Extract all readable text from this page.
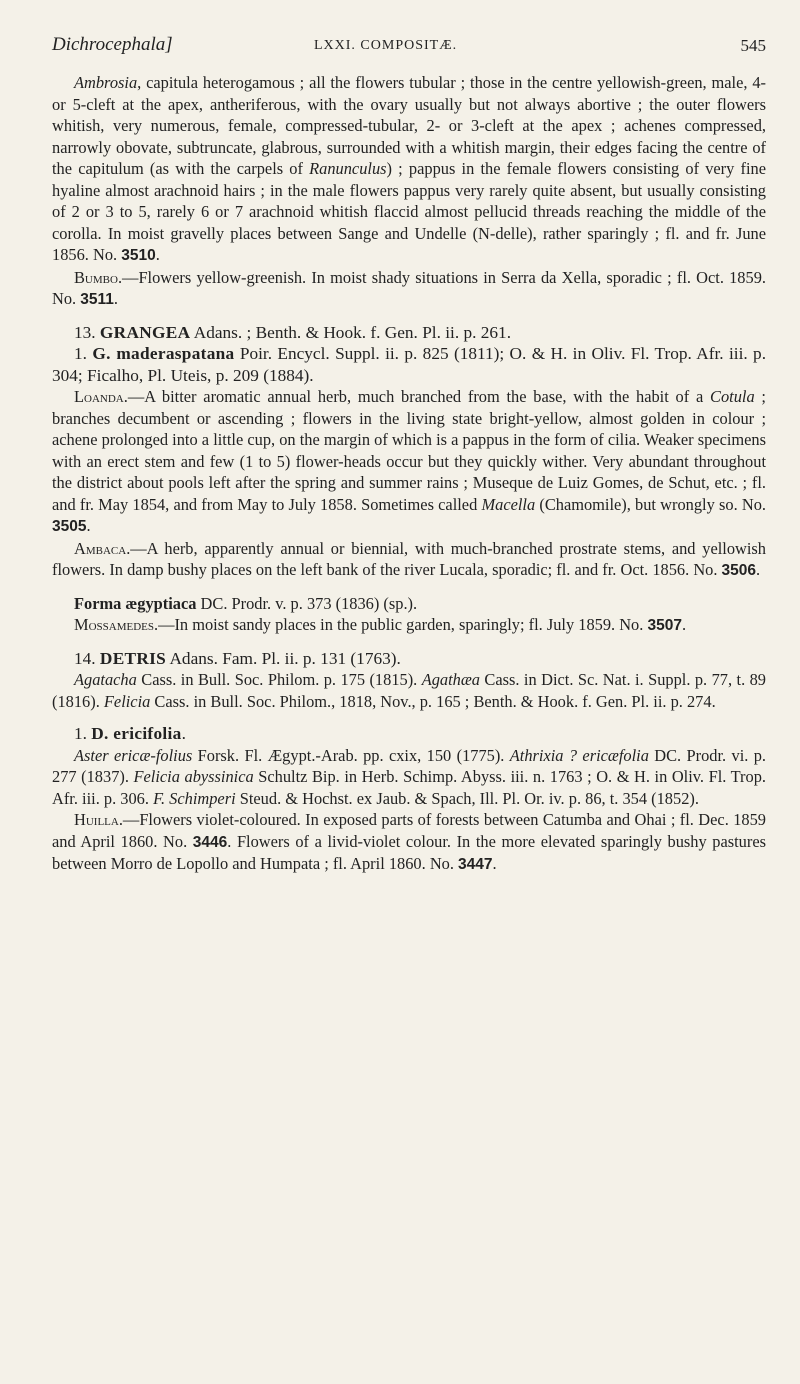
Dichrocephala]	LXXI. COMPOSITÆ.	545

Ambrosia, capitula heterogamous ; all the flowers tubular ; those in the centre yellowish-green, male, 4- or 5-cleft at the apex, antheriferous, with the ovary usually but not always abortive ; the outer flowers whitish, very numerous, female, compressed-tubular, 2- or 3-cleft at the apex ; achenes compressed, narrowly obovate, subtruncate, glabrous, surrounded with a whitish margin, their edges facing the centre of the capitulum (as with the carpels of Ranunculus) ; pappus in the female flowers consisting of very fine hyaline almost arachnoid hairs ; in the male flowers pappus very rarely quite absent, but usually consisting of 2 or 3 to 5, rarely 6 or 7 arachnoid whitish flaccid almost pellucid threads reaching the middle of the corolla. In moist gravelly places between Sange and Undelle (N-delle), rather sparingly ; fl. and fr. June 1856. No. 3510.

Bumbo.—Flowers yellow-greenish. In moist shady situations in Serra da Xella, sporadic ; fl. Oct. 1859. No. 3511.

13. GRANGEA Adans. ; Benth. & Hook. f. Gen. Pl. ii. p. 261.

1. G. maderaspatana Poir. Encycl. Suppl. ii. p. 825 (1811); O. & H. in Oliv. Fl. Trop. Afr. iii. p. 304; Ficalho, Pl. Uteis, p. 209 (1884).

Loanda.—A bitter aromatic annual herb, much branched from the base, with the habit of a Cotula ; branches decumbent or ascending ; flowers in the living state bright-yellow, almost golden in colour ; achene prolonged into a little cup, on the margin of which is a pappus in the form of cilia. Weaker specimens with an erect stem and few (1 to 5) flower-heads occur but they quickly wither. Very abundant throughout the district about pools left after the spring and summer rains ; Museque de Luiz Gomes, de Schut, etc. ; fl. and fr. May 1854, and from May to July 1858. Sometimes called Macella (Chamomile), but wrongly so. No. 3505.

Ambaca.—A herb, apparently annual or biennial, with much-branched prostrate stems, and yellowish flowers. In damp bushy places on the left bank of the river Lucala, sporadic; fl. and fr. Oct. 1856. No. 3506.

Forma ægyptiaca DC. Prodr. v. p. 373 (1836) (sp.).

Mossamedes.—In moist sandy places in the public garden, sparingly; fl. July 1859. No. 3507.

14. DETRIS Adans. Fam. Pl. ii. p. 131 (1763).

Agatacha Cass. in Bull. Soc. Philom. p. 175 (1815). Agathæa Cass. in Dict. Sc. Nat. i. Suppl. p. 77, t. 89 (1816). Felicia Cass. in Bull. Soc. Philom., 1818, Nov., p. 165 ; Benth. & Hook. f. Gen. Pl. ii. p. 274.

1. D. ericifolia.

Aster ericæ-folius Forsk. Fl. Ægypt.-Arab. pp. cxix, 150 (1775). Athrixia ? ericæfolia DC. Prodr. vi. p. 277 (1837). Felicia abyssinica Schultz Bip. in Herb. Schimp. Abyss. iii. n. 1763 ; O. & H. in Oliv. Fl. Trop. Afr. iii. p. 306. F. Schimperi Steud. & Hochst. ex Jaub. & Spach, Ill. Pl. Or. iv. p. 86, t. 354 (1852).

Huilla.—Flowers violet-coloured. In exposed parts of forests between Catumba and Ohai ; fl. Dec. 1859 and April 1860. No. 3446. Flowers of a livid-violet colour. In the more elevated sparingly bushy pastures between Morro de Lopollo and Humpata ; fl. April 1860. No. 3447.
